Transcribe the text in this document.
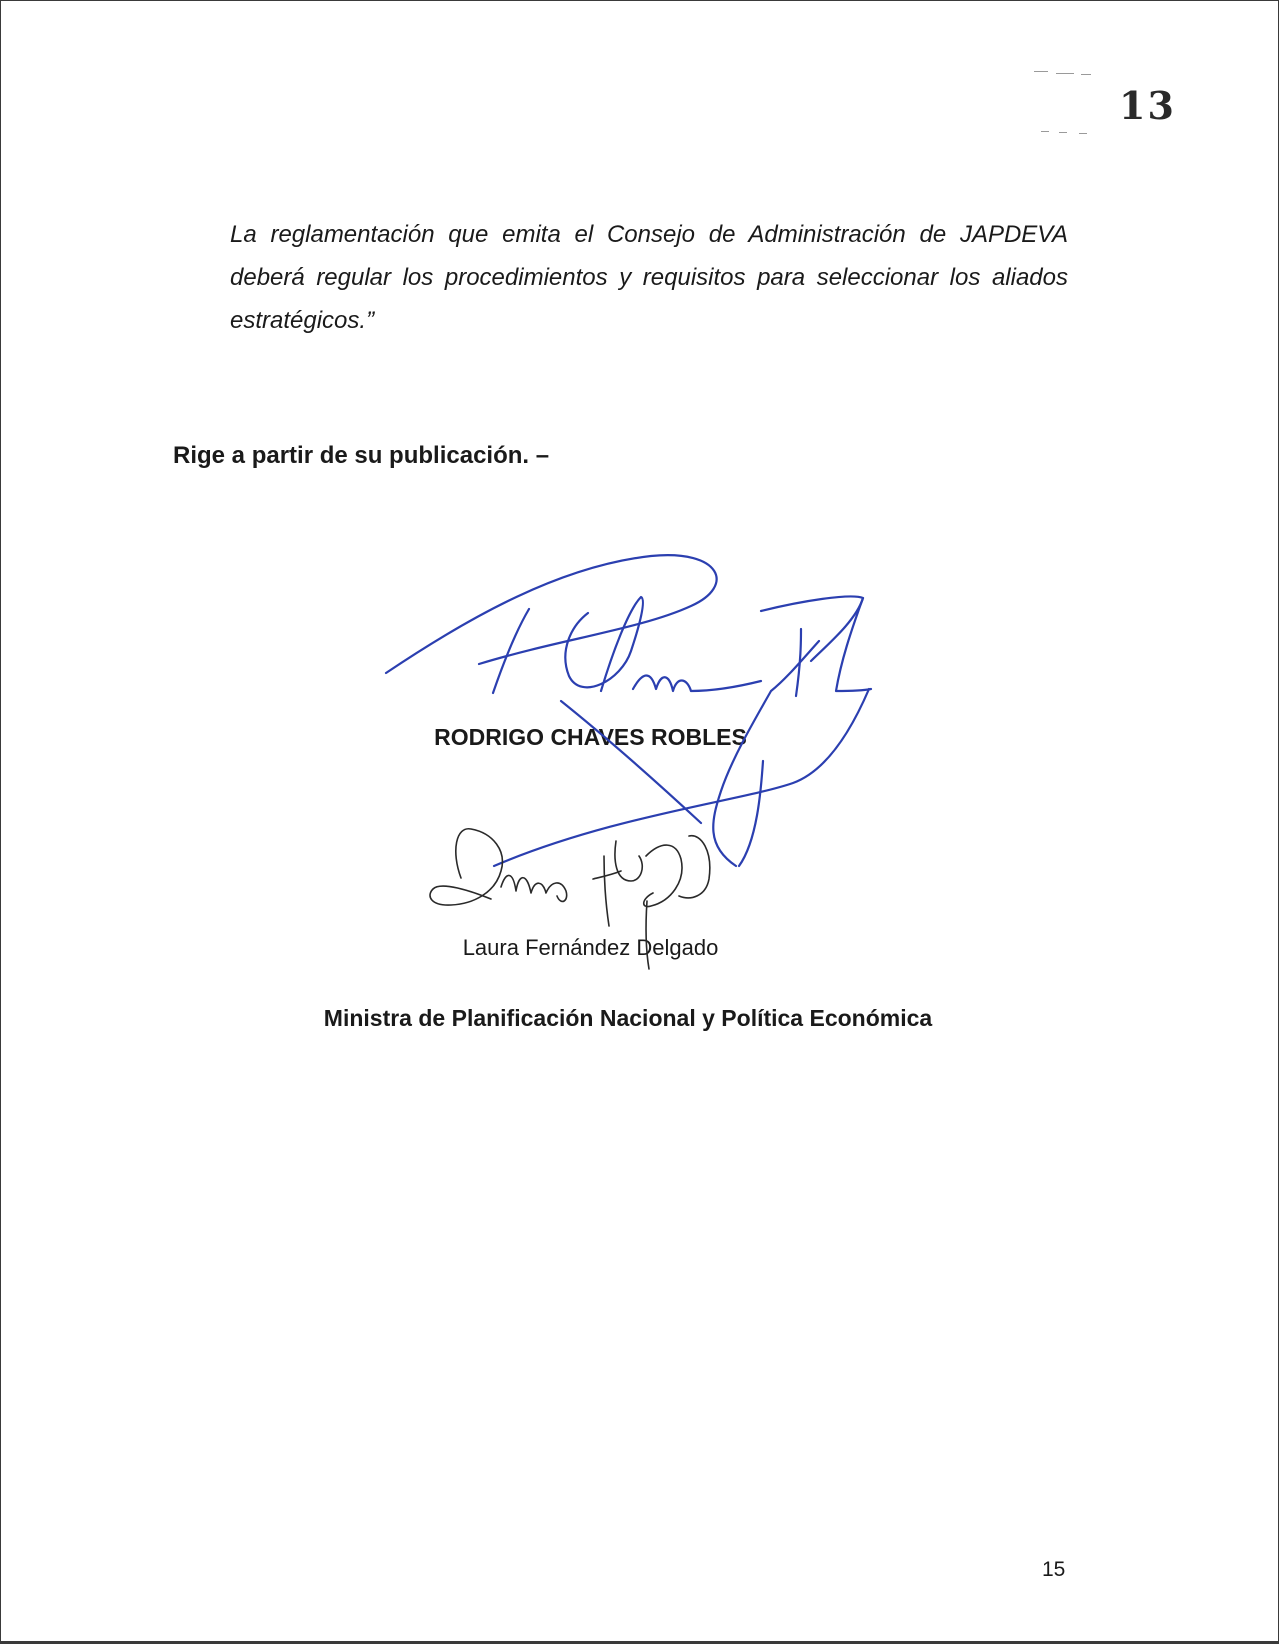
13

La reglamentación que emita el Consejo de Administración de JAPDEVA deberá regular los procedimientos y requisitos para seleccionar los aliados estratégicos.”

Rige a partir de su publicación. –

RODRIGO CHAVES ROBLES
Laura Fernández Delgado
Ministra de Planificación Nacional y Política Económica
15
